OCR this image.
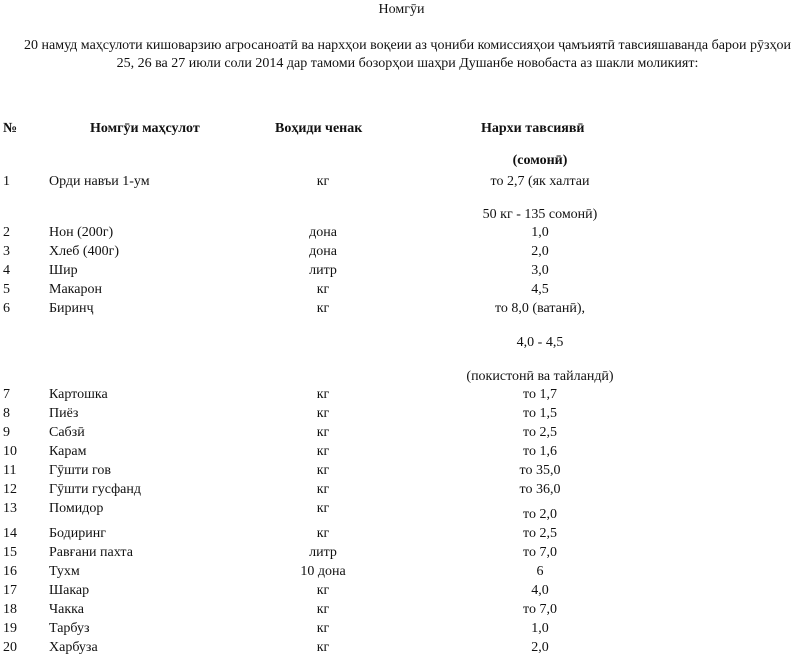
Номгӯи
20 намуд маҳсулоти кишоварзию агросаноатӣ ва нархҳои воқеии аз ҷониби комиссияҳои ҷамъиятӣ тавсияшаванда барои рӯзҳои 25, 26 ва 27 июли соли 2014 дар тамоми бозорҳои шаҳри Душанбе новобаста аз шакли моликият:
№	Номгӯи маҳсулот	Воҳиди ченак	Нархи тавсиявӣ
(сомонӣ)
1	Орди навъи 1-ум	кг	то 2,7 (як халтаи
50 кг - 135 сомонӣ)
2	Нон (200г)	дона	1,0
3	Хлеб (400г)	дона	2,0
4	Шир	литр	3,0
5	Макарон	кг	4,5
6	Биринҷ	кг	то 8,0 (ватанӣ),
4,0 - 4,5
(покистонӣ ва тайландӣ)
7	Картошка	кг	то 1,7
8	Пиёз	кг	то 1,5
9	Сабзӣ	кг	то 2,5
10 Карам	кг	то 1,6
11 Гӯшти гов	кг	то 35,0
12 Гӯшти гусфанд	кг	то 36,0
13 Помидор	кг	то 2,0
14 Бодиринг	кг	то 2,5
15 Равғани пахта	литр	то 7,0
16 Тухм	10 дона	6
17 Шакар	кг	4,0
18 Чакка	кг	то 7,0
19 Тарбуз	кг	1,0
20 Харбуза	кг	2,0
